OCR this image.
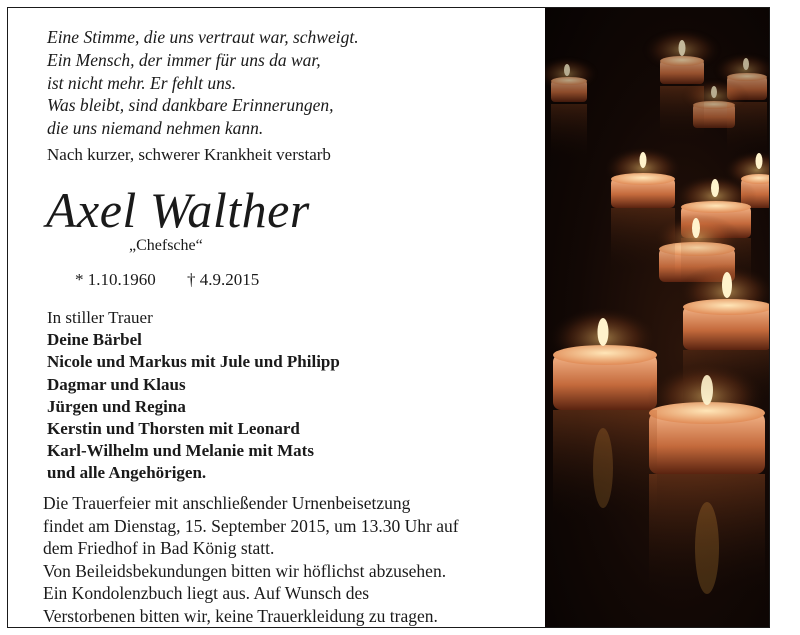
Eine Stimme, die uns vertraut war, schweigt.
Ein Mensch, der immer für uns da war,
ist nicht mehr. Er fehlt uns.
Was bleibt, sind dankbare Erinnerungen,
die uns niemand nehmen kann.
Nach kurzer, schwerer Krankheit verstarb
Axel Walther
„Chefsche“
* 1.10.1960 † 4.9.2015
In stiller Trauer
Deine Bärbel
Nicole und Markus mit Jule und Philipp
Dagmar und Klaus
Jürgen und Regina
Kerstin und Thorsten mit Leonard
Karl-Wilhelm und Melanie mit Mats
und alle Angehörigen.
Die Trauerfeier mit anschließender Urnenbeisetzung
findet am Dienstag, 15. September 2015, um 13.30 Uhr auf
dem Friedhof in Bad König statt.
Von Beileidsbekundungen bitten wir höflichst abzusehen.
Ein Kondolenzbuch liegt aus. Auf Wunsch des
Verstorbenen bitten wir, keine Trauerkleidung zu tragen.
